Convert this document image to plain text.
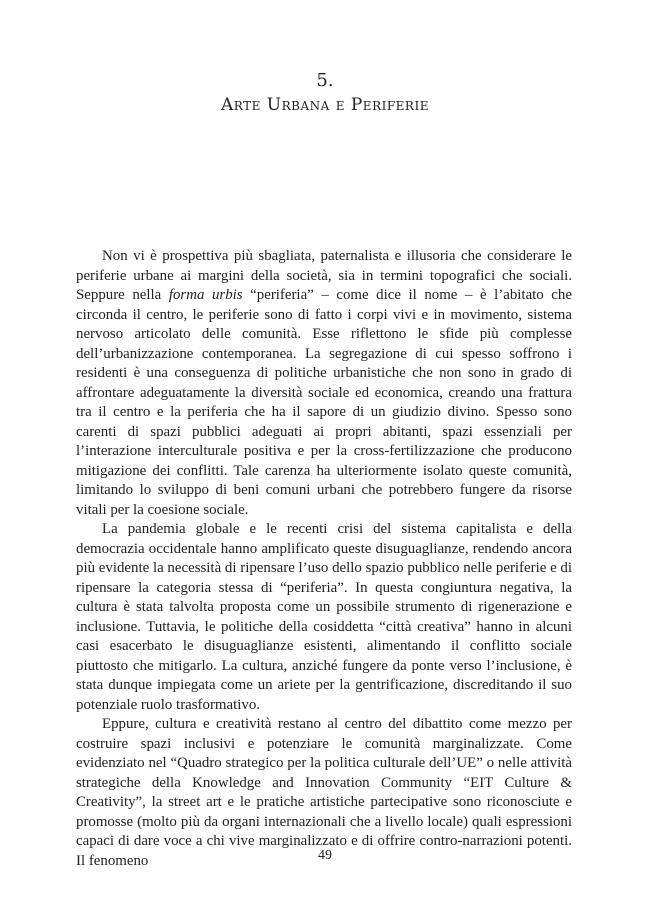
5.
Arte Urbana e Periferie

Non vi è prospettiva più sbagliata, paternalista e illusoria che considerare le periferie urbane ai margini della società, sia in termini topografici che sociali. Seppure nella forma urbis “periferia” – come dice il nome – è l’abitato che circonda il centro, le periferie sono di fatto i corpi vivi e in movimento, sistema nervoso articolato delle comunità. Esse riflettono le sfide più complesse dell’urbanizzazione contemporanea. La segregazione di cui spesso soffrono i residenti è una conseguenza di politiche urbanistiche che non sono in grado di affrontare adeguatamente la diversità sociale ed economica, creando una frattura tra il centro e la periferia che ha il sapore di un giudizio divino. Spesso sono carenti di spazi pubblici adeguati ai propri abitanti, spazi essenziali per l’interazione interculturale positiva e per la cross-fertilizzazione che producono mitigazione dei conflitti. Tale carenza ha ulteriormente isolato queste comunità, limitando lo sviluppo di beni comuni urbani che potrebbero fungere da risorse vitali per la coesione sociale.

La pandemia globale e le recenti crisi del sistema capitalista e della democrazia occidentale hanno amplificato queste disuguaglianze, rendendo ancora più evidente la necessità di ripensare l’uso dello spazio pubblico nelle periferie e di ripensare la categoria stessa di “periferia”. In questa congiuntura negativa, la cultura è stata talvolta proposta come un possibile strumento di rigenerazione e inclusione. Tuttavia, le politiche della cosiddetta “città creativa” hanno in alcuni casi esacerbato le disuguaglianze esistenti, alimentando il conflitto sociale piuttosto che mitigarlo. La cultura, anziché fungere da ponte verso l’inclusione, è stata dunque impiegata come un ariete per la gentrificazione, discreditando il suo potenziale ruolo trasformativo.

Eppure, cultura e creatività restano al centro del dibattito come mezzo per costruire spazi inclusivi e potenziare le comunità marginalizzate. Come evidenziato nel “Quadro strategico per la politica culturale dell’UE” o nelle attività strategiche della Knowledge and Innovation Community “EIT Culture & Creativity”, la street art e le pratiche artistiche partecipative sono riconosciute e promosse (molto più da organi internazionali che a livello locale) quali espressioni capaci di dare voce a chi vive marginalizzato e di offrire contro-narrazioni potenti. Il fenomeno	49
